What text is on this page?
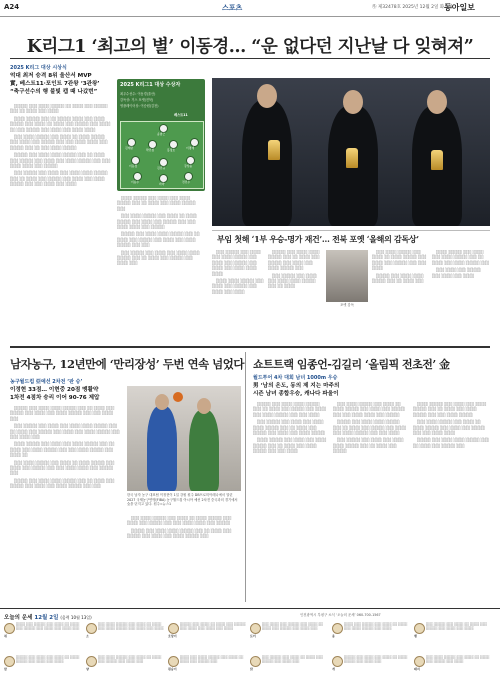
A24	스포츠	㉾ 제32478호 2025년 12월 2일 화요일
동아일보
K리그1 ‘최고의 별’ 이동경… “운 없다던 지난날 다 잊혀져”
2025 K리그 대상 시상식
억대 최저 승격 8위 울산서 MVP
實, 베스트11·포인트 7관왕 ‘3관왕’
“축구선수의 행 불빛 캡 때 나갔번”

░░░░░ ░░░ ░░░░ ░░░░░ ░░ ░░░░ ░░░ ░░░░░ ░░░ ░░ ░░░░ ░░░ ░░░░

░░░░ ░░░░░ ░░░ ░░ ░░░░░ ░░░░ ░░░ ░░░░ ░░░░░ ░░░ ░░░░ ░░ ░░░░ ░░░ ░░░░░ ░░░ ░░░░ ░░ ░░░ ░░░░░ ░░░ ░░░░ ░░░ ░░░░ ░░░░

░░░ ░░░░ ░░░░░ ░░░ ░░░░ ░░ ░░░░ ░░░░░ ░░░ ░░░░ ░░░ ░░░░░ ░░░ ░░░ ░░░░ ░░░░ ░░░ ░░░░░ ░░░ ░░ ░░░ ░░░░ ░░░░░

░░░░░ ░░░ ░░░░ ░░░░ ░░░░░ ░░░ ░░ ░░░░ ░░░ ░░░░░ ░░░ ░░░░ ░░░ ░░░░ ░░░░░ ░░░ ░░░ ░░░░ ░░░░ ░░░ ░░░░░

░░░ ░░░░░ ░░░ ░░░░ ░░░ ░░░░ ░░░░ ░░░░░ ░░░ ░░ ░░░░ ░░░ ░░░░░ ░░░ ░░░░ ░░░ ░░░░ ░░░░░ ░░░ ░░░ ░░░░ ░░░ ░░░░

2025 K리그1 대상 수상자
최우수선수: 이동경(울산)
감독상: 거스 포옛(전북)
영플레이어상: 이승원(김천)
베스트11
송범근
김태환	박진섭	홍정호	이명재
이동경	김진규	강상윤
이승우	싸박	전진우

░░░░ ░░░░░ ░░░ ░░░░ ░░░ ░░░░ ░░░░░ ░░░ ░░ ░░░░ ░░░ ░░░░ ░░░░░ ░░░

░░░ ░░░░ ░░░░░ ░░░ ░░░░ ░░ ░░░░ ░░░░░ ░░░ ░░░░ ░░░ ░░░░░ ░░░ ░░░ ░░░░ ░░░░ ░░░ ░░░░░

░░░░░ ░░░ ░░░░ ░░░░ ░░░░░ ░░░ ░░ ░░░░ ░░░ ░░░░░ ░░░ ░░░░ ░░░ ░░░░ ░░░░░ ░░░ ░░░

░░░ ░░░░░ ░░░ ░░░░ ░░░ ░░░░ ░░░░ ░░░░░ ░░░ ░░ ░░░░ ░░░ ░░░░░ ░░░ ░░░░ ░░░

부임 첫해 ‘1부 우승-명가 재건’… 전북 포옛 ‘올해의 감독상’

░░░ ░░░░░ ░░░ ░░░░ ░░░ ░░░░ ░░░░░ ░░░ ░░░░ ░░░ ░░░░░ ░░░ ░░░░ ░░░ ░░░░ ░░░░ ░░░░

░░░░ ░░░░ ░░░░░ ░░░ ░░░░ ░░░ ░░░░░ ░░░ ░░░░ ░░░ ░░░░

░░░░░ ░░░ ░░░░ ░░░░ ░░░░░ ░░░ ░░ ░░░░ ░░░ ░░░░░ ░░░ ░░░░ ░░░ ░░░░ ░░░░░ ░░░

░░░ ░░░░░ ░░░ ░░░░ ░░░ ░░░░ ░░░░ ░░░░░ ░░░ ░░ ░░░░

포옛 감독

░░░ ░░░░ ░░░░░ ░░░ ░░░░ ░░ ░░░░ ░░░░░ ░░░ ░░░░ ░░░ ░░░░░ ░░░ ░░░ ░░░░

░░░░░ ░░░ ░░░░ ░░░░ ░░░░░ ░░░ ░░ ░░░░ ░░░

░░░░ ░░░░░ ░░░ ░░░░ ░░░ ░░░░ ░░░░░ ░░░ ░░ ░░░░ ░░░ ░░░░ ░░░░░ ░░░

░░░ ░░░░ ░░░ ░░░░░ ░░░ ░░░░ ░░░ ░░░░

남자농구, 12년만에 ‘만리장성’ 두번 연속 넘었다
농구월드컵 亞예선 2차전 ‘판 승’
이정현 33점… 이현중 20점 맹활약
1차전 4점차 승리 이어 90-76 제압

░░░░░ ░░░ ░░░░ ░░░░ ░░░░░ ░░░ ░░ ░░░░ ░░░ ░░░░░ ░░░ ░░░░ ░░░ ░░░░ ░░░░░ ░░░ ░░░ ░░░░ ░░░

░░░ ░░░░░ ░░░ ░░░░ ░░░ ░░░░ ░░░░ ░░░░░ ░░░ ░░ ░░░░ ░░░ ░░░░░ ░░░ ░░░░ ░░░ ░░░░ ░░░░░ ░░░ ░░░ ░░░░ ░░░

░░░░ ░░░░░ ░░░ ░░░░ ░░░ ░░░░ ░░░░░ ░░░ ░░ ░░░░ ░░░ ░░░░ ░░░░░ ░░░ ░░░ ░░░░ ░░░░░ ░░░ ░░░░ ░░

░░░ ░░░░ ░░░░░ ░░░ ░░░░ ░░ ░░░░ ░░░░░ ░░░ ░░░░ ░░░ ░░░░░ ░░░ ░░░ ░░░░ ░░░░ ░░░ ░░░░░ ░░░

░░░░░ ░░░ ░░░░ ░░░░ ░░░░░ ░░░ ░░ ░░░░ ░░░ ░░░░░ ░░░ ░░░░ ░░░ ░░░░ ░░░░░ ░░░ ░░░

한국 남자 농구 대표팀 이정현이 1일 강원 원주 DB프로미아레나에서 열린 2027 국제농구연맹(FIBA) 농구월드컵 아시아 예선 2차전 중국과의 경기에서 슛을 던지고 있다. 원주=뉴스1

░░░ ░░░░ ░░░░░ ░░░ ░░░░ ░░ ░░░░ ░░░░░ ░░░ ░░░░ ░░░ ░░░░░ ░░░ ░░░ ░░░░ ░░░░ ░░░ ░░░░░

░░░░░ ░░░ ░░░░ ░░░░ ░░░░░ ░░░ ░░ ░░░░ ░░░ ░░░░░ ░░░ ░░░░ ░░░ ░░░░ ░░░░░ ░░░

쇼트트랙 임종언-김길리 ‘올림픽 전초전’ 金
월드투어 4차 대회 남녀 1000m 우승
男 ‘남의 온도, 동의 제 지는 마주의
시즌 남녀 종합우승, 캐나다 파울이

░░░░░ ░░░ ░░░░ ░░░░ ░░░░░ ░░░ ░░ ░░░░ ░░░ ░░░░░ ░░░ ░░░░ ░░░ ░░░░ ░░░░░ ░░░ ░░░ ░░░░

░░░ ░░░░░ ░░░ ░░░░ ░░░ ░░░░ ░░░░ ░░░░░ ░░░ ░░ ░░░░ ░░░ ░░░░░ ░░░ ░░░░ ░░░ ░░░░ ░░░░░

░░░░ ░░░░░ ░░░ ░░░░ ░░░ ░░░░ ░░░░░ ░░░ ░░ ░░░░ ░░░ ░░░░ ░░░░░ ░░░ ░░░ ░░░░

░░░ ░░░░ ░░░░░ ░░░ ░░░░ ░░ ░░░░ ░░░░░ ░░░ ░░░░ ░░░ ░░░░░ ░░░ ░░░ ░░░░ ░░░░ ░░░ ░░░░░

░░░░░ ░░░ ░░░░ ░░░░ ░░░░░ ░░░ ░░ ░░░░ ░░░ ░░░░░ ░░░ ░░░░ ░░░ ░░░░ ░░░░░ ░░░ ░░░ ░░░░

░░░ ░░░░░ ░░░ ░░░░ ░░░ ░░░░ ░░░░ ░░░░░ ░░░ ░░ ░░░░ ░░░ ░░░░░

░░░░ ░░░░░ ░░░ ░░░░ ░░░ ░░░░ ░░░░░ ░░░ ░░ ░░░░ ░░░ ░░░░ ░░░░░ ░░░ ░░░ ░░░░ ░░░░░

░░░ ░░░░ ░░░░░ ░░░ ░░░░ ░░ ░░░░ ░░░░░ ░░░ ░░░░ ░░░ ░░░░░ ░░░ ░░░ ░░░░ ░░░░

░░░░░ ░░░ ░░░░ ░░░░ ░░░░░ ░░░ ░░ ░░░░ ░░░ ░░░░░ ░░░

오늘의 운세 12월 2일 (음력 10월 13일)	인천광역시 부평구 소식 ‘오늘의 운세’ 060-700-1567
쥐
░░░░ ░░░ ░░░░░ ░░░ ░░░░ ░░ ░░░░ ░░░ ░░░░░ ░░░ ░░░░ ░░░ ░░░░ ░░░
소
░░░ ░░░░ ░░░░░ ░░░ ░░░░ ░░ ░░░░ ░░░ ░░░░ ░░░░░ ░░░ ░░░░ ░░░ ░░░░
호랑이
░░░░░ ░░░ ░░░░ ░░ ░░░░ ░░░ ░░░░░ ░░░ ░░░░ ░░░ ░░░░ ░░░ ░░░░
토끼
░░░ ░░░░ ░░░ ░░░░░ ░░░ ░░░░ ░░ ░░░░ ░░░ ░░░░░ ░░░ ░░░░ ░░░
용
░░░░ ░░░ ░░░░░ ░░░ ░░░░ ░░ ░░░░ ░░░ ░░░░ ░░░░░ ░░░ ░░░░
뱀
░░░ ░░░░░ ░░░ ░░░░ ░░ ░░░░ ░░░ ░░░░░ ░░░ ░░░░ ░░░ ░░░░
말
░░░░░ ░░░ ░░░░ ░░░ ░░░░ ░░ ░░░░ ░░░░░ ░░░ ░░░░ ░░░ ░░░░
양
░░░ ░░░░ ░░░░░ ░░░ ░░░░ ░░ ░░░░ ░░░ ░░░░░ ░░░ ░░░░ ░░░
원숭이
░░░░ ░░░ ░░░░ ░░░░░ ░░░ ░░░░ ░░ ░░░░ ░░░ ░░░░░ ░░░
닭
░░░ ░░░░░ ░░░ ░░░░ ░░ ░░░░ ░░░ ░░░░░ ░░░ ░░░░ ░░░
개
░░░░░ ░░░ ░░░░ ░░░ ░░░░ ░░ ░░░░ ░░░░░ ░░░ ░░░░ ░░░
돼지
░░░ ░░░░ ░░░░░ ░░░ ░░░░ ░░ ░░░░ ░░░ ░░░░░ ░░░ ░░░░
